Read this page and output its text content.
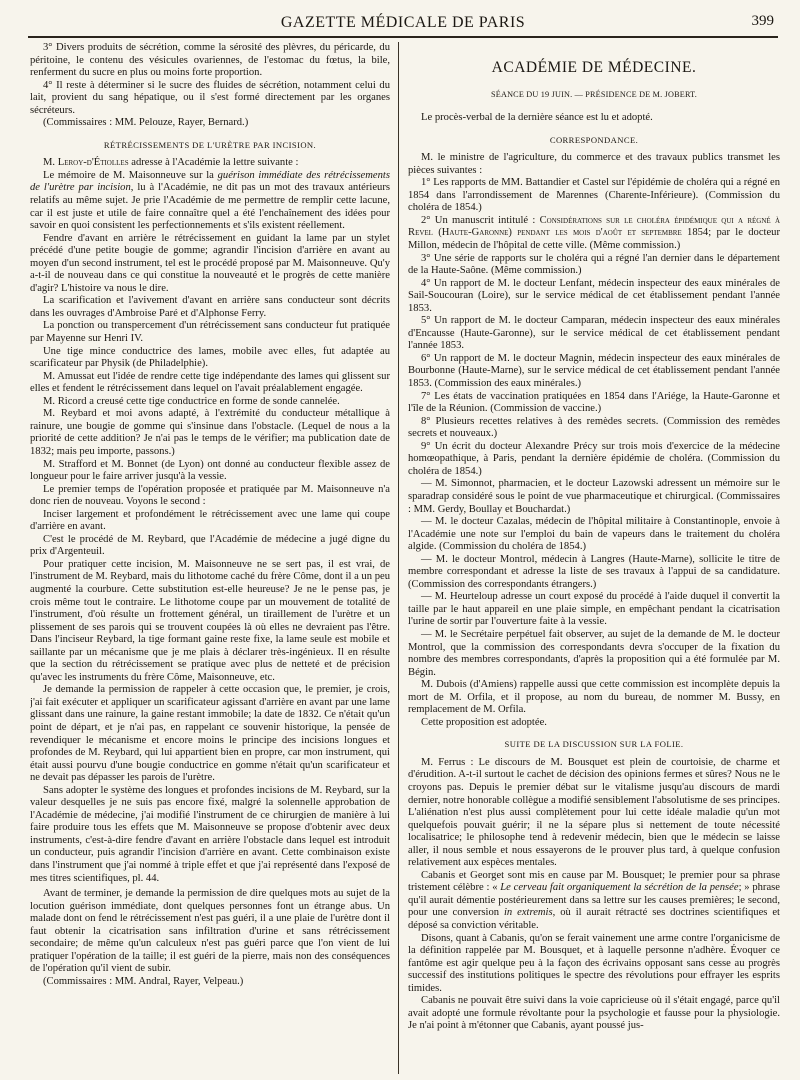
GAZETTE MÉDICALE DE PARIS	399

3° Divers produits de sécrétion, comme la sérosité des plèvres, du péricarde, du péritoine, le contenu des vésicules ovariennes, de l'estomac du fœtus, la bile, renferment du sucre en plus ou moins forte proportion.

4° Il reste à déterminer si le sucre des fluides de sécrétion, notamment celui du lait, provient du sang hépatique, ou il s'est formé directement par les organes sécréteurs.

(Commissaires : MM. Pelouze, Rayer, Bernard.)

RÉTRÉCISSEMENTS DE L'URÈTRE PAR INCISION.

M. Leroy-d'Étiolles adresse à l'Académie la lettre suivante :

Le mémoire de M. Maisonneuve sur la guérison immédiate des rétrécissements de l'urètre par incision, lu à l'Académie, ne dit pas un mot des travaux antérieurs relatifs au même sujet. Je prie l'Académie de me permettre de remplir cette lacune, car il est juste et utile de faire connaître quel a été l'enchaînement des idées pour savoir en quoi consistent les perfectionnements et s'ils existent réellement.

Fendre d'avant en arrière le rétrécissement en guidant la lame par un stylet précédé d'une petite bougie de gomme; agrandir l'incision d'arrière en avant au moyen d'un second instrument, tel est le procédé proposé par M. Maisonneuve. Qu'y a-t-il de nouveau dans ce qui constitue la nouveauté et le progrès de cette manière d'agir? L'histoire va nous le dire.

La scarification et l'avivement d'avant en arrière sans conducteur sont décrits dans les ouvrages d'Ambroise Paré et d'Alphonse Ferry.

La ponction ou transpercement d'un rétrécissement sans conducteur fut pratiquée par Mayenne sur Henri IV.

Une tige mince conductrice des lames, mobile avec elles, fut adaptée au scarificateur par Physik (de Philadelphie).

M. Amussat eut l'idée de rendre cette tige indépendante des lames qui glissent sur elles et fendent le rétrécissement dans lequel on l'avait préalablement engagée.

M. Ricord a creusé cette tige conductrice en forme de sonde cannelée.

M. Reybard et moi avons adapté, à l'extrémité du conducteur métallique à rainure, une bougie de gomme qui s'insinue dans l'obstacle. (Lequel de nous a la priorité de cette addition? Je n'ai pas le temps de le vérifier; ma publication date de 1832; mais peu importe, passons.)

M. Strafford et M. Bonnet (de Lyon) ont donné au conducteur flexible assez de longueur pour le faire arriver jusqu'à la vessie.

Le premier temps de l'opération proposée et pratiquée par M. Maisonneuve n'a donc rien de nouveau. Voyons le second :

Inciser largement et profondément le rétrécissement avec une lame qui coupe d'arrière en avant.

C'est le procédé de M. Reybard, que l'Académie de médecine a jugé digne du prix d'Argenteuil.

Pour pratiquer cette incision, M. Maisonneuve ne se sert pas, il est vrai, de l'instrument de M. Reybard, mais du lithotome caché du frère Côme, dont il a un peu augmenté la courbure. Cette substitution est-elle heureuse? Je ne le pense pas, je crois même tout le contraire. Le lithotome coupe par un mouvement de totalité de l'instrument, d'où résulte un frottement général, un tiraillement de l'urètre et un plissement de ses parois qui se trouvent coupées là où elles ne devraient pas l'être. Dans l'inciseur Reybard, la tige formant gaine reste fixe, la lame seule est mobile et saillante par un mécanisme que je me plais à déclarer très-ingénieux. Il en résulte que la section du rétrécissement se pratique avec plus de netteté et de précision qu'avec les instruments du frère Côme, Maisonneuve, etc.

Je demande la permission de rappeler à cette occasion que, le premier, je crois, j'ai fait exécuter et appliquer un scarificateur agissant d'arrière en avant par une lame glissant dans une rainure, la gaine restant immobile; la date de 1832. Ce n'était qu'un point de départ, et je n'ai pas, en rappelant ce souvenir historique, la pensée de revendiquer le mécanisme et encore moins le principe des incisions longues et profondes de M. Reybard, qui lui appartient bien en propre, car mon instrument, qui était aussi pourvu d'une bougie conductrice en gomme n'était qu'un scarificateur et ne devait pas dépasser les parois de l'urètre.

Sans adopter le système des longues et profondes incisions de M. Reybard, sur la valeur desquelles je ne suis pas encore fixé, malgré la solennelle approbation de l'Académie de médecine, j'ai modifié l'instrument de ce chirurgien de manière à lui faire produire tous les effets que M. Maisonneuve se propose d'obtenir avec deux instruments, c'est-à-dire fendre d'avant en arrière l'obstacle dans lequel est introduit un conducteur, puis agrandir l'incision d'arrière en avant. Cette combinaison existe dans l'instrument que j'ai nommé à triple effet et que j'ai représenté dans l'exposé de mes titres scientifiques, pl. 44.

Avant de terminer, je demande la permission de dire quelques mots au sujet de la locution guérison immédiate, dont quelques personnes font un étrange abus. Un malade dont on fend le rétrécissement n'est pas guéri, il a une plaie de l'urètre dont il faut obtenir la cicatrisation sans infiltration d'urine et sans rétrécissement secondaire; de même qu'un calculeux n'est pas guéri parce que l'on vient de lui pratiquer l'opération de la taille; il est guéri de la pierre, mais non des conséquences de l'opération qu'il vient de subir.

(Commissaires : MM. Andral, Rayer, Velpeau.)

ACADÉMIE DE MÉDECINE.
SÉANCE DU 19 JUIN. — PRÉSIDENCE DE M. JOBERT.

Le procès-verbal de la dernière séance est lu et adopté.

CORRESPONDANCE.

M. le ministre de l'agriculture, du commerce et des travaux publics transmet les pièces suivantes :

1° Les rapports de MM. Battandier et Castel sur l'épidémie de choléra qui a régné en 1854 dans l'arrondissement de Marennes (Charente-Inférieure). (Commission du choléra de 1854.)

2° Un manuscrit intitulé : Considérations sur le choléra épidémique qui a régné à Revel (Haute-Garonne) pendant les mois d'août et septembre 1854; par le docteur Millon, médecin de l'hôpital de cette ville. (Même commission.)

3° Une série de rapports sur le choléra qui a régné l'an dernier dans le département de la Haute-Saône. (Même commission.)

4° Un rapport de M. le docteur Lenfant, médecin inspecteur des eaux minérales de Sail-Soucouran (Loire), sur le service médical de cet établissement pendant l'année 1853.

5° Un rapport de M. le docteur Camparan, médecin inspecteur des eaux minérales d'Encausse (Haute-Garonne), sur le service médical de cet établissement pendant l'année 1853.

6° Un rapport de M. le docteur Magnin, médecin inspecteur des eaux minérales de Bourbonne (Haute-Marne), sur le service médical de cet établissement pendant l'année 1853. (Commission des eaux minérales.)

7° Les états de vaccination pratiquées en 1854 dans l'Ariége, la Haute-Garonne et l'île de la Réunion. (Commission de vaccine.)

8° Plusieurs recettes relatives à des remèdes secrets. (Commission des remèdes secrets et nouveaux.)

9° Un écrit du docteur Alexandre Précy sur trois mois d'exercice de la médecine homœopathique, à Paris, pendant la dernière épidémie de choléra. (Commission du choléra de 1854.)

— M. Simonnot, pharmacien, et le docteur Lazowski adressent un mémoire sur le sparadrap considéré sous le point de vue pharmaceutique et chirurgical. (Commissaires : MM. Gerdy, Boullay et Bouchardat.)

— M. le docteur Cazalas, médecin de l'hôpital militaire à Constantinople, envoie à l'Académie une note sur l'emploi du bain de vapeurs dans le traitement du choléra algide. (Commission du choléra de 1854.)

— M. le docteur Montrol, médecin à Langres (Haute-Marne), sollicite le titre de membre correspondant et adresse la liste de ses travaux à l'appui de sa candidature. (Commission des correspondants étrangers.)

— M. Heurteloup adresse un court exposé du procédé à l'aide duquel il convertit la taille par le haut appareil en une plaie simple, en empêchant pendant la cicatrisation l'urine de sortir par l'ouverture faite à la vessie.

— M. le Secrétaire perpétuel fait observer, au sujet de la demande de M. le docteur Montrol, que la commission des correspondants devra s'occuper de la fixation du nombre des membres correspondants, d'après la proposition qui a été formulée par M. Bégin.

M. Dubois (d'Amiens) rappelle aussi que cette commission est incomplète depuis la mort de M. Orfila, et il propose, au nom du bureau, de nommer M. Bussy, en remplacement de M. Orfila.

Cette proposition est adoptée.

SUITE DE LA DISCUSSION SUR LA FOLIE.

M. Ferrus : Le discours de M. Bousquet est plein de courtoisie, de charme et d'érudition. A-t-il surtout le cachet de décision des opinions fermes et sûres? Nous ne le croyons pas. Depuis le premier débat sur le vitalisme jusqu'au discours de mardi dernier, notre honorable collègue a modifié sensiblement l'absolutisme de ses principes. L'aliénation n'est plus aussi complètement pour lui cette idéale maladie qu'un mot quelquefois pouvait guérir; il ne la sépare plus si nettement de toute nécessité localisatrice; le philosophe tend à redevenir médecin, bien que le médecin se laisse aller, il nous semble et nous essayerons de le prouver plus tard, à quelque confusion relativement aux espèces mentales.

Cabanis et Georget sont mis en cause par M. Bousquet; le premier pour sa phrase tristement célèbre : « Le cerveau fait organiquement la sécrétion de la pensée; » phrase qu'il aurait démentie postérieurement dans sa lettre sur les causes premières; le second, pour une conversion in extremis, où il aurait rétracté ses doctrines scientifiques et déposé sa conviction véritable.

Disons, quant à Cabanis, qu'on se ferait vainement une arme contre l'organicisme de la définition rappelée par M. Bousquet, et à laquelle personne n'adhère. Évoquer ce fantôme est agir quelque peu à la façon des écrivains opposant sans cesse au progrès successif des institutions politiques le spectre des révolutions pour effrayer les esprits timides.

Cabanis ne pouvait être suivi dans la voie capricieuse où il s'était engagé, parce qu'il avait adopté une formule révoltante pour la psychologie et fausse pour la physiologie. Je n'ai point à m'étonner que Cabanis, ayant poussé jus-
